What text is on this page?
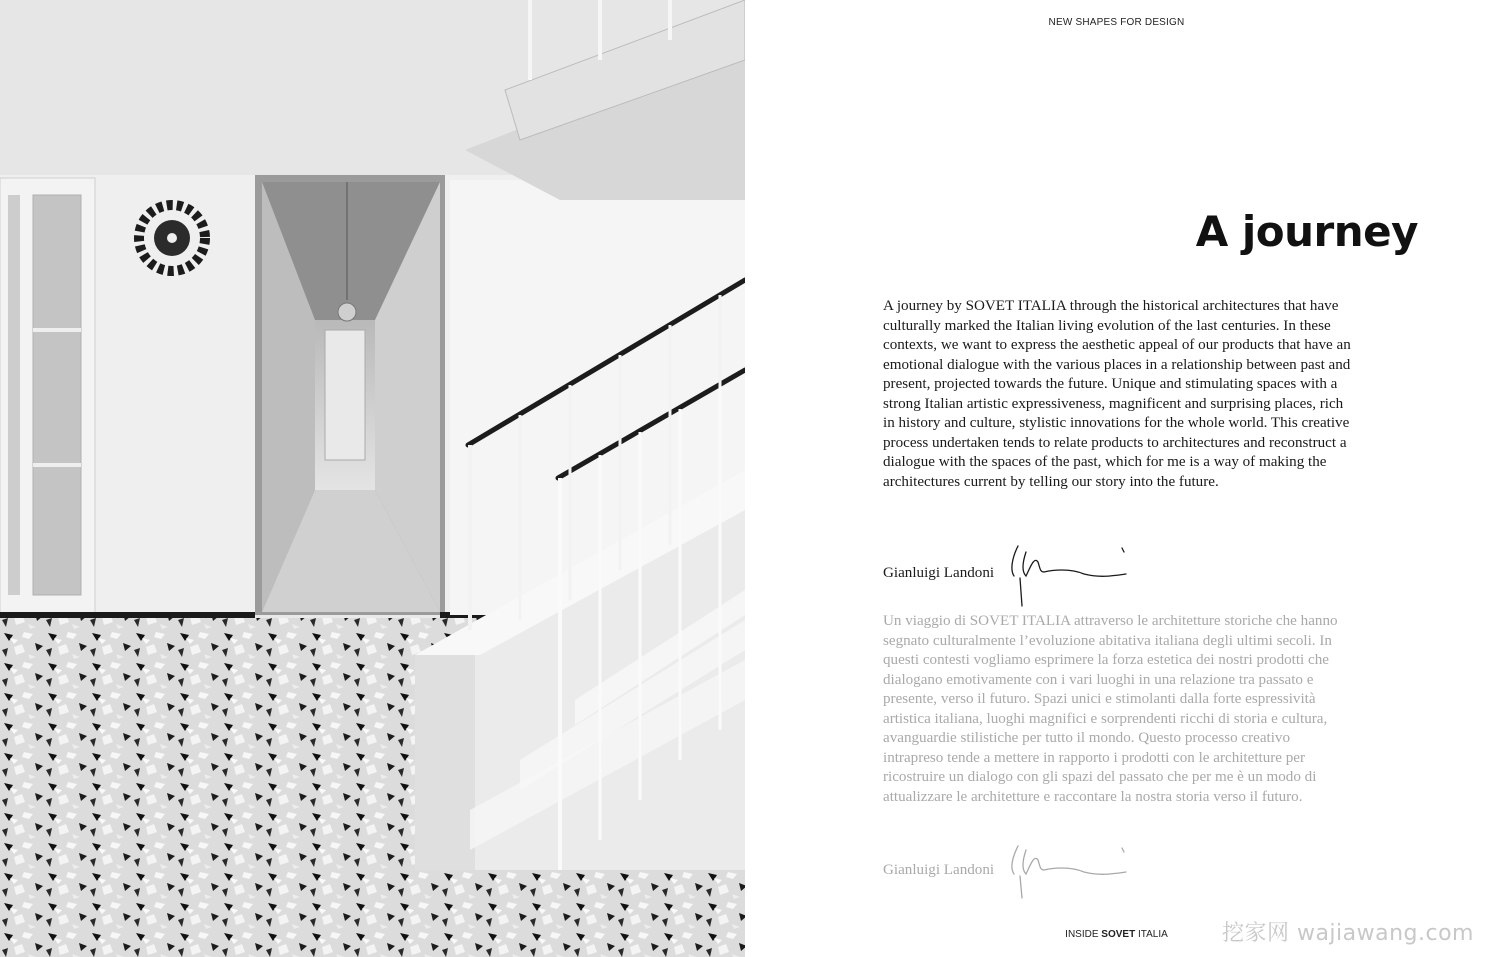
NEW SHAPES FOR DESIGN
A journey

A journey by SOVET ITALIA through the historical architectures that have culturally marked the Italian living evolution of the last centuries. In these contexts, we want to express the aesthetic appeal of our products that have an emotional dialogue with the various places in a relationship between past and present, projected towards the future. Unique and stimulating spaces with a strong Italian artistic expressiveness, magnificent and surprising places, rich in history and culture, stylistic innovations for the whole world. This creative process undertaken tends to relate products to architectures and reconstruct a dialogue with the spaces of the past, which for me is a way of making the architectures current by telling our story into the future.

Gianluigi Landoni

Un viaggio di SOVET ITALIA attraverso le architetture storiche che hanno segnato culturalmente l’evoluzione abitativa italiana degli ultimi secoli. In questi contesti vogliamo esprimere la forza estetica dei nostri prodotti che dialogano emotivamente con i vari luoghi in una relazione tra passato e presente, verso il futuro. Spazi unici e stimolanti dalla forte espressività artistica italiana, luoghi magnifici e sorprendenti ricchi di storia e cultura, avanguardie stilistiche per tutto il mondo. Questo processo creativo intrapreso tende a mettere in rapporto i prodotti con le architetture per ricostruire un dialogo con gli spazi del passato che per me è un modo di attualizzare le architetture e raccontare la nostra storia verso il futuro.

Gianluigi Landoni
INSIDE SOVET ITALIA	挖家网 wajiawang.com
